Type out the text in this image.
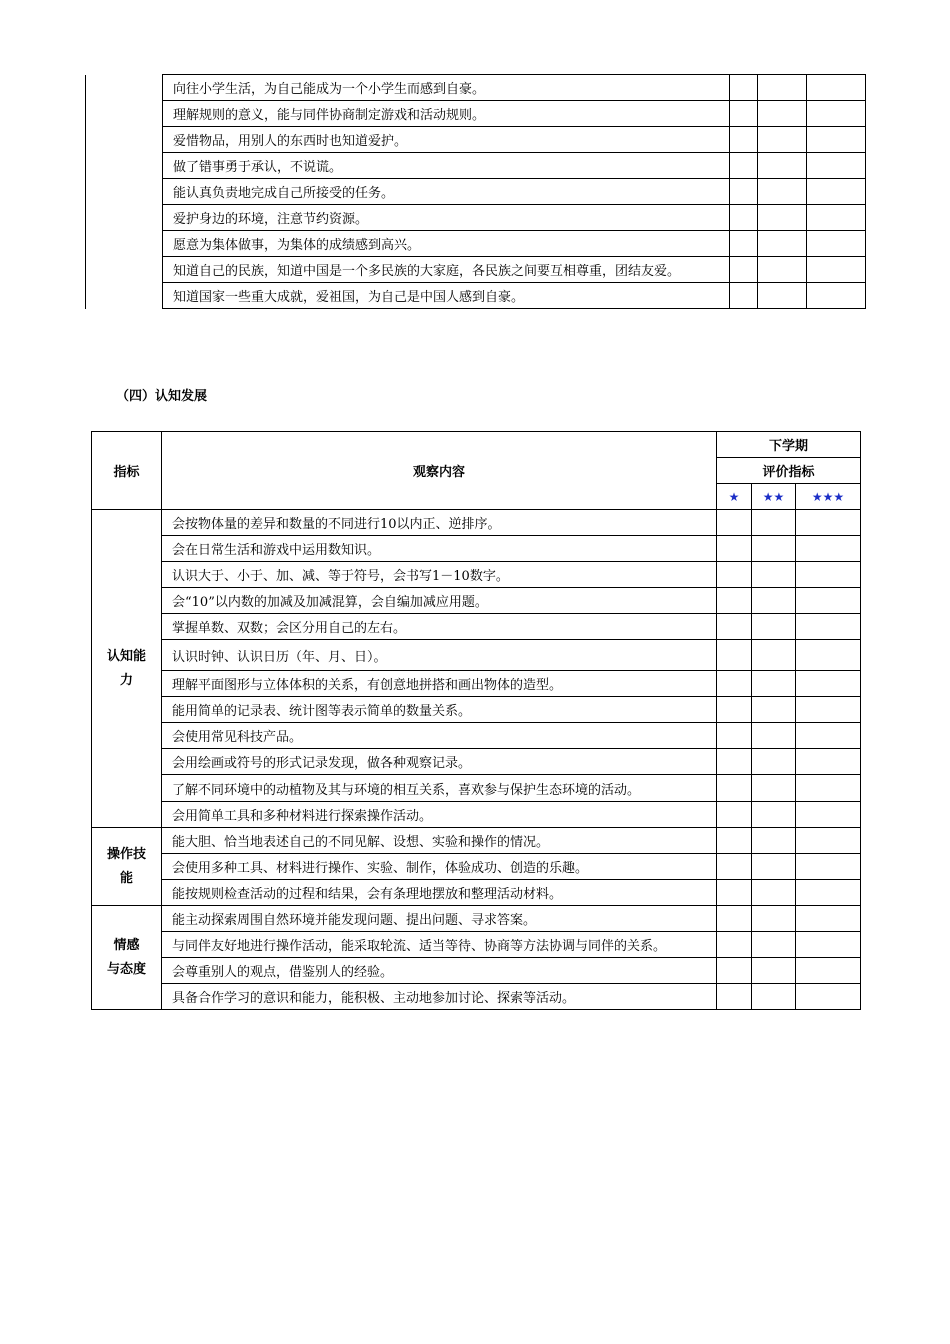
	向往小学生活，为自己能成为一个小学生而感到自豪。			
	理解规则的意义，能与同伴协商制定游戏和活动规则。			
	爱惜物品，用别人的东西时也知道爱护。			
	做了错事勇于承认，不说谎。			
	能认真负责地完成自己所接受的任务。			
	爱护身边的环境，注意节约资源。			
	愿意为集体做事，为集体的成绩感到高兴。			
	知道自己的民族，知道中国是一个多民族的大家庭，各民族之间要互相尊重，团结友爱。			
	知道国家一些重大成就，爱祖国，为自己是中国人感到自豪。			
（四）认知发展
指标	观察内容	下学期		
		评价指标		
		★	★★	★★★
认知能
力	会按物体量的差异和数量的不同进行10以内正、逆排序。			
	会在日常生活和游戏中运用数知识。			
	认识大于、小于、加、减、等于符号，会书写1－10数字。			
	会“10”以内数的加减及加减混算，会自编加减应用题。			
	掌握单数、双数；会区分用自己的左右。			
	认识时钟、认识日历（年、月、日）。			
	理解平面图形与立体体积的关系，有创意地拼搭和画出物体的造型。			
	能用简单的记录表、统计图等表示简单的数量关系。			
	会使用常见科技产品。			
	会用绘画或符号的形式记录发现，做各种观察记录。			
	了解不同环境中的动植物及其与环境的相互关系，喜欢参与保护生态环境的活动。			
	会用简单工具和多种材料进行探索操作活动。			
操作技
能	能大胆、恰当地表述自己的不同见解、设想、实验和操作的情况。			
	会使用多种工具、材料进行操作、实验、制作，体验成功、创造的乐趣。			
	能按规则检查活动的过程和结果，会有条理地摆放和整理活动材料。			
情感
与态度	能主动探索周围自然环境并能发现问题、提出问题、寻求答案。			
	与同伴友好地进行操作活动，能采取轮流、适当等待、协商等方法协调与同伴的关系。			
	会尊重别人的观点，借鉴别人的经验。			
	具备合作学习的意识和能力，能积极、主动地参加讨论、探索等活动。			
